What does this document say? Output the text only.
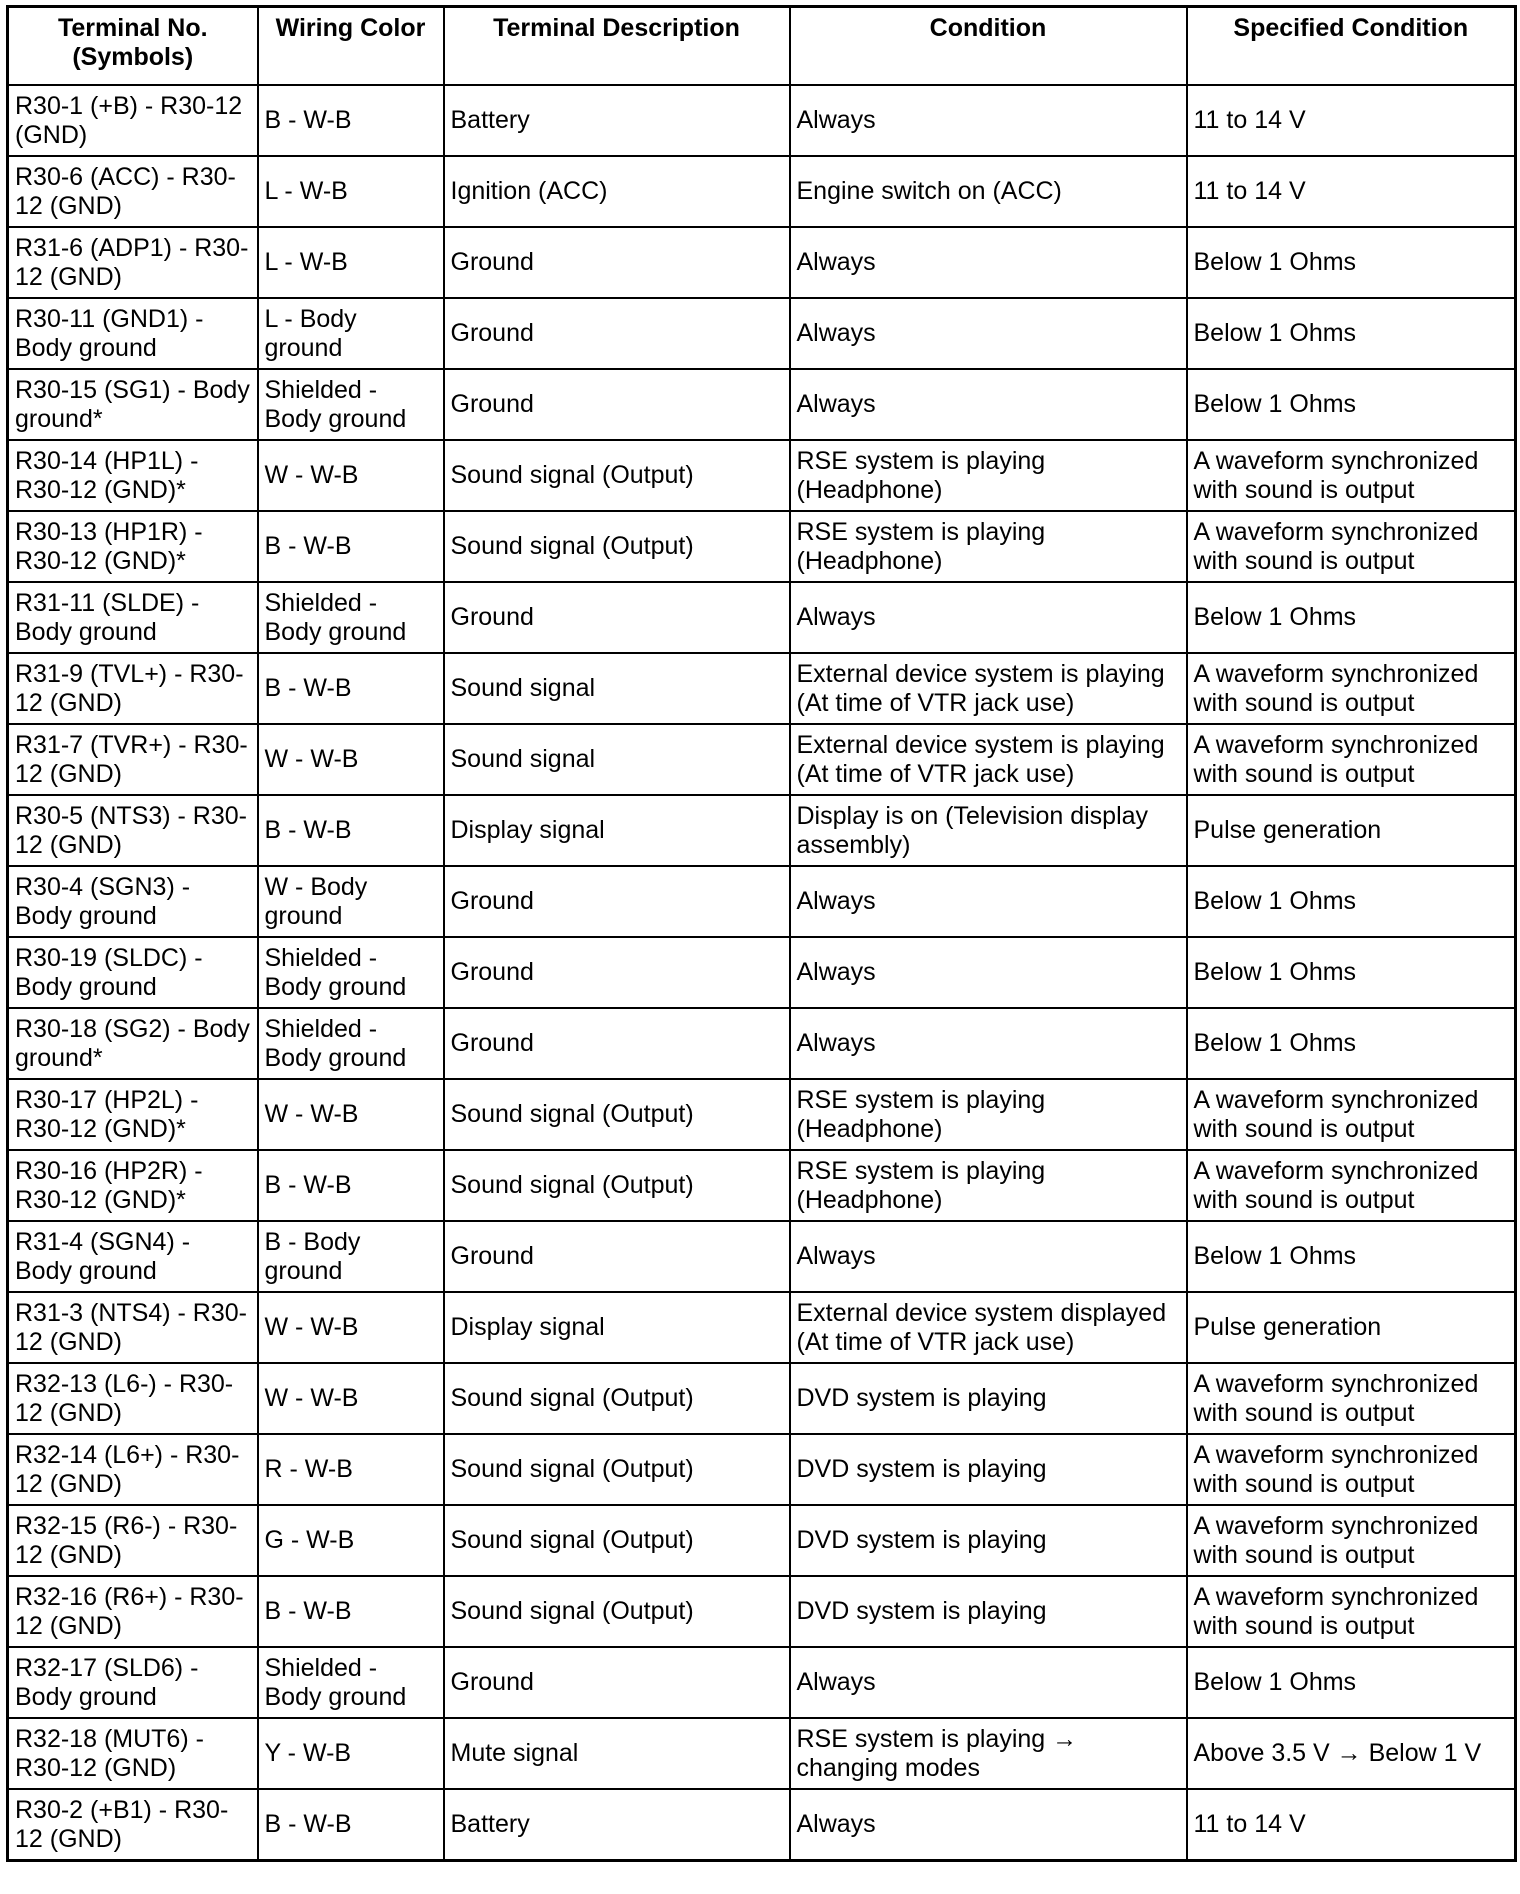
Terminal No. (Symbols)	Wiring Color	Terminal Description	Condition	Specified Condition
R30-1 (+B) - R30-12 (GND)	B - W-B	Battery	Always	11 to 14 V
R30-6 (ACC) - R30-12 (GND)	L - W-B	Ignition (ACC)	Engine switch on (ACC)	11 to 14 V
R31-6 (ADP1) - R30-12 (GND)	L - W-B	Ground	Always	Below 1 Ohms
R30-11 (GND1) - Body ground	L - Body ground	Ground	Always	Below 1 Ohms
R30-15 (SG1) - Body ground*	Shielded - Body ground	Ground	Always	Below 1 Ohms
R30-14 (HP1L) - R30-12 (GND)*	W - W-B	Sound signal (Output)	RSE system is playing (Headphone)	A waveform synchronized with sound is output
R30-13 (HP1R) - R30-12 (GND)*	B - W-B	Sound signal (Output)	RSE system is playing (Headphone)	A waveform synchronized with sound is output
R31-11 (SLDE) - Body ground	Shielded - Body ground	Ground	Always	Below 1 Ohms
R31-9 (TVL+) - R30-12 (GND)	B - W-B	Sound signal	External device system is playing (At time of VTR jack use)	A waveform synchronized with sound is output
R31-7 (TVR+) - R30-12 (GND)	W - W-B	Sound signal	External device system is playing (At time of VTR jack use)	A waveform synchronized with sound is output
R30-5 (NTS3) - R30-12 (GND)	B - W-B	Display signal	Display is on (Television display assembly)	Pulse generation
R30-4 (SGN3) - Body ground	W - Body ground	Ground	Always	Below 1 Ohms
R30-19 (SLDC) - Body ground	Shielded - Body ground	Ground	Always	Below 1 Ohms
R30-18 (SG2) - Body ground*	Shielded - Body ground	Ground	Always	Below 1 Ohms
R30-17 (HP2L) - R30-12 (GND)*	W - W-B	Sound signal (Output)	RSE system is playing (Headphone)	A waveform synchronized with sound is output
R30-16 (HP2R) - R30-12 (GND)*	B - W-B	Sound signal (Output)	RSE system is playing (Headphone)	A waveform synchronized with sound is output
R31-4 (SGN4) - Body ground	B - Body ground	Ground	Always	Below 1 Ohms
R31-3 (NTS4) - R30-12 (GND)	W - W-B	Display signal	External device system displayed (At time of VTR jack use)	Pulse generation
R32-13 (L6-) - R30-12 (GND)	W - W-B	Sound signal (Output)	DVD system is playing	A waveform synchronized with sound is output
R32-14 (L6+) - R30-12 (GND)	R - W-B	Sound signal (Output)	DVD system is playing	A waveform synchronized with sound is output
R32-15 (R6-) - R30-12 (GND)	G - W-B	Sound signal (Output)	DVD system is playing	A waveform synchronized with sound is output
R32-16 (R6+) - R30-12 (GND)	B - W-B	Sound signal (Output)	DVD system is playing	A waveform synchronized with sound is output
R32-17 (SLD6) - Body ground	Shielded - Body ground	Ground	Always	Below 1 Ohms
R32-18 (MUT6) - R30-12 (GND)	Y - W-B	Mute signal	RSE system is playing → changing modes	Above 3.5 V → Below 1 V
R30-2 (+B1) - R30-12 (GND)	B - W-B	Battery	Always	11 to 14 V
